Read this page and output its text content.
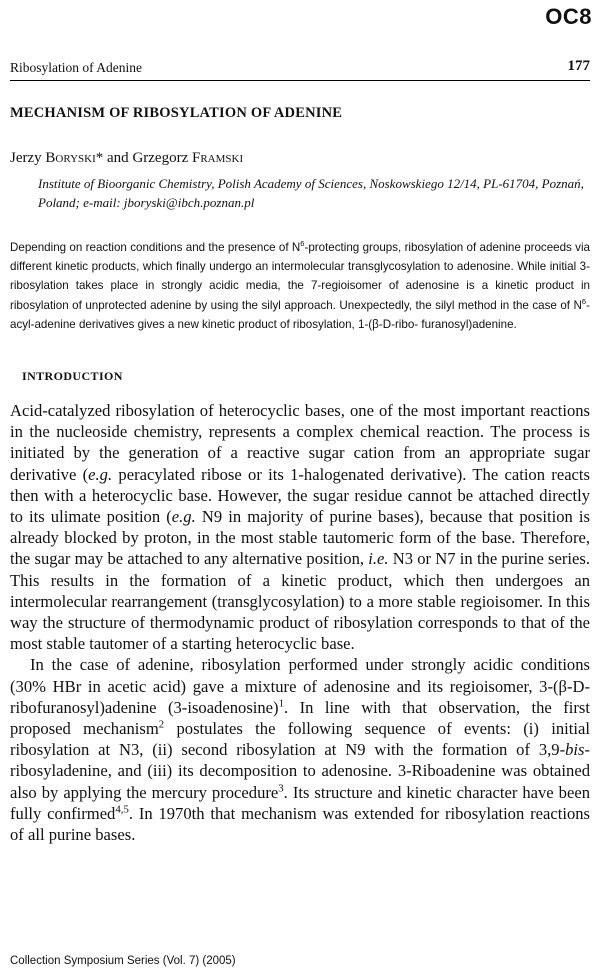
OC8
Ribosylation of Adenine	177
MECHANISM OF RIBOSYLATION OF ADENINE
Jerzy Boryski* and Grzegorz Framski
Institute of Bioorganic Chemistry, Polish Academy of Sciences, Noskowskiego 12/14, PL-61704, Poznań, Poland; e-mail: jboryski@ibch.poznan.pl
Depending on reaction conditions and the presence of $N^6$-protecting groups, ribosylation of adenine proceeds via different kinetic products, which finally undergo an intermolecular transglycosylation to adenosine. While initial 3-ribosylation takes place in strongly acidic media, the 7-regioisomer of adenosine is a kinetic product in ribosylation of unprotected adenine by using the silyl approach. Unexpectedly, the silyl method in the case of $N^6-acyl$-adenine derivatives gives a new kinetic product of ribosylation, 1-(β-D-ribo- furanosyl)adenine.
INTRODUCTION

Acid-catalyzed ribosylation of heterocyclic bases, one of the most important reactions in the nucleoside chemistry, represents a complex chemical reaction. The process is initiated by the generation of a reactive sugar cation from an appropriate sugar derivative (e.g. peracylated ribose or its 1-halogenated derivative). The cation reacts then with a heterocyclic base. However, the sugar residue cannot be attached directly to its ulimate position (e.g. N9 in majority of purine bases), because that position is already blocked by proton, in the most stable tautomeric form of the base. Therefore, the sugar may be attached to any alternative position, i.e. N3 or N7 in the purine series. This results in the formation of a kinetic product, which then undergoes an intermolecular rearrangement (transglycosylation) to a more stable regioisomer. In this way the structure of thermodynamic product of ribosylation corresponds to that of the most stable tautomer of a starting heterocyclic base.

In the case of adenine, ribosylation performed under strongly acidic conditions (30% HBr in acetic acid) gave a mixture of adenosine and its regioisomer, 3-(β-D-ribofuranosyl)adenine (3-isoadenosine)$^1$. In line with that observation, the first proposed mechanism$^2$ postulates the following sequence of events: (i) initial ribosylation at N3, (ii) second ribosylation at N9 with the formation of 3,9-bis-ribosyladenine, and (iii) its decomposition to adenosine. 3-Riboadenine was obtained also by applying the mercury procedure$^3$. Its structure and kinetic character have been fully confirmed$^{4,5}$. In 1970th that mechanism was extended for ribosylation reactions of all purine bases.

Collection Symposium Series (Vol. 7) (2005)
